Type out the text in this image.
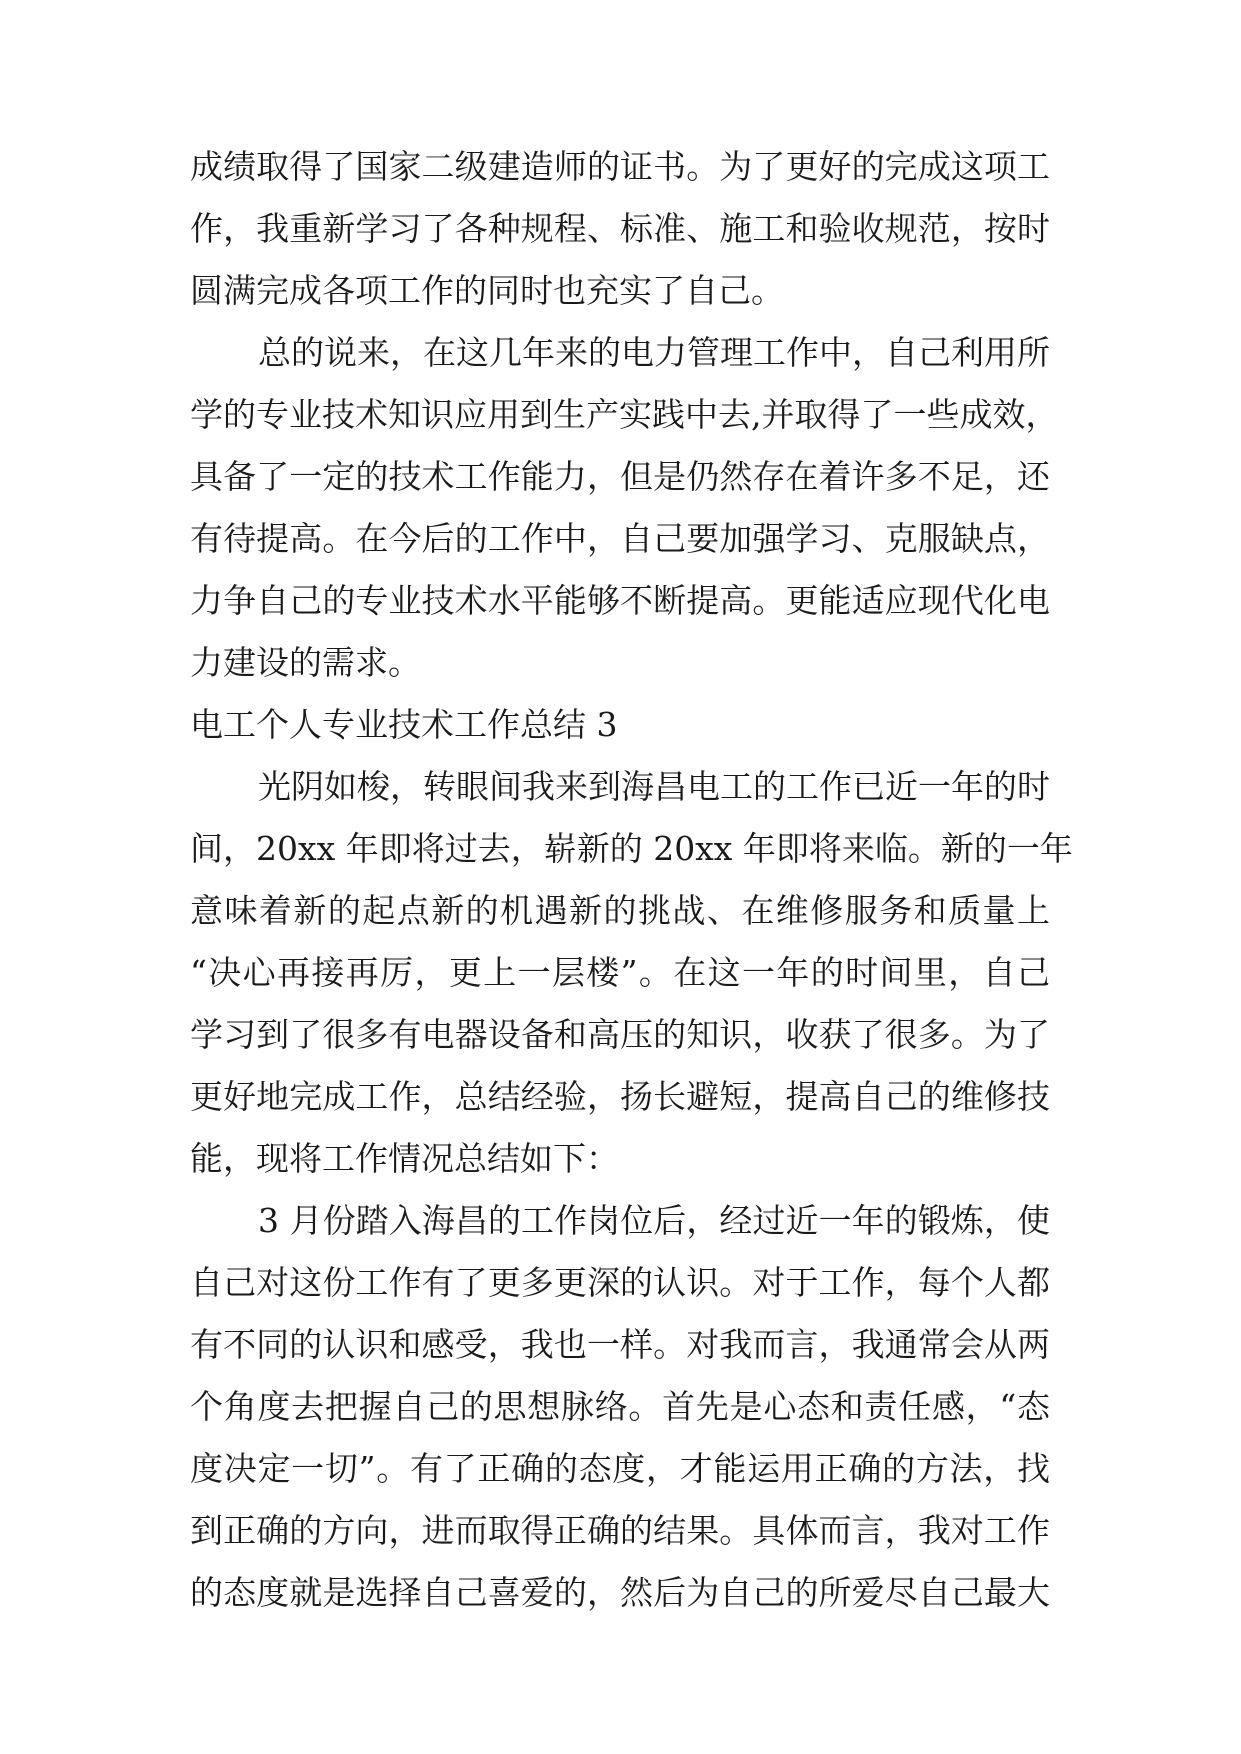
成绩取得了国家二级建造师的证书。为了更好的完成这项工
作，我重新学习了各种规程、标准、施工和验收规范，按时
圆满完成各项工作的同时也充实了自己。
总的说来，在这几年来的电力管理工作中，自己利用所
学的专业技术知识应用到生产实践中去,并取得了一些成效，
具备了一定的技术工作能力，但是仍然存在着许多不足，还
有待提高。在今后的工作中，自己要加强学习、克服缺点，
力争自己的专业技术水平能够不断提高。更能适应现代化电
力建设的需求。
电工个人专业技术工作总结 3
光阴如梭，转眼间我来到海昌电工的工作已近一年的时
间，20xx 年即将过去，崭新的 20xx 年即将来临。新的一年
意味着新的起点新的机遇新的挑战、在维修服务和质量上
“决心再接再厉，更上一层楼”。在这一年的时间里，自己
学习到了很多有电器设备和高压的知识，收获了很多。为了
更好地完成工作，总结经验，扬长避短，提高自己的维修技
能，现将工作情况总结如下：
3 月份踏入海昌的工作岗位后，经过近一年的锻炼，使
自己对这份工作有了更多更深的认识。对于工作，每个人都
有不同的认识和感受，我也一样。对我而言，我通常会从两
个角度去把握自己的思想脉络。首先是心态和责任感，“态
度决定一切”。有了正确的态度，才能运用正确的方法，找
到正确的方向，进而取得正确的结果。具体而言，我对工作
的态度就是选择自己喜爱的，然后为自己的所爱尽自己最大
